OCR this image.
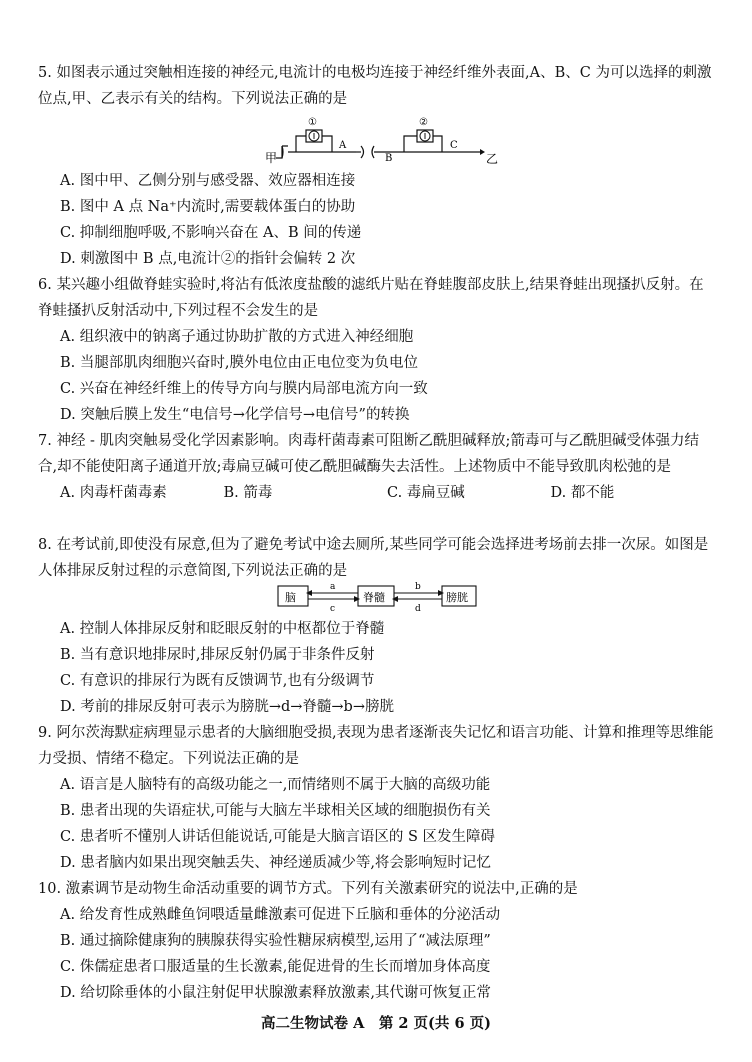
5. 如图表示通过突触相连接的神经元,电流计的电极均连接于神经纤维外表面,A、B、C 为可以选择的刺激位点,甲、乙表示有关的结构。下列说法正确的是
甲	乙
①
A
②
B
C
A. 图中甲、乙侧分别与感受器、效应器相连接
B. 图中 A 点 Na⁺内流时,需要载体蛋白的协助
C. 抑制细胞呼吸,不影响兴奋在 A、B 间的传递
D. 刺激图中 B 点,电流计②的指针会偏转 2 次
6. 某兴趣小组做脊蛙实验时,将沾有低浓度盐酸的滤纸片贴在脊蛙腹部皮肤上,结果脊蛙出现搔扒反射。在脊蛙搔扒反射活动中,下列过程不会发生的是
A. 组织液中的钠离子通过协助扩散的方式进入神经细胞
B. 当腿部肌肉细胞兴奋时,膜外电位由正电位变为负电位
C. 兴奋在神经纤维上的传导方向与膜内局部电流方向一致
D. 突触后膜上发生“电信号→化学信号→电信号”的转换
7. 神经 - 肌肉突触易受化学因素影响。肉毒杆菌毒素可阻断乙酰胆碱释放;箭毒可与乙酰胆碱受体强力结合,却不能使阳离子通道开放;毒扁豆碱可使乙酰胆碱酶失去活性。上述物质中不能导致肌肉松弛的是
A. 肉毒杆菌毒素	B. 箭毒	C. 毒扁豆碱	D. 都不能
8. 在考试前,即使没有尿意,但为了避免考试中途去厕所,某些同学可能会选择进考场前去排一次尿。如图是人体排尿反射过程的示意简图,下列说法正确的是
脑	脊髓	膀胱
a
c
b
d
A. 控制人体排尿反射和眨眼反射的中枢都位于脊髓
B. 当有意识地排尿时,排尿反射仍属于非条件反射
C. 有意识的排尿行为既有反馈调节,也有分级调节
D. 考前的排尿反射可表示为膀胱→d→脊髓→b→膀胱
9. 阿尔茨海默症病理显示患者的大脑细胞受损,表现为患者逐渐丧失记忆和语言功能、计算和推理等思维能力受损、情绪不稳定。下列说法正确的是
A. 语言是人脑特有的高级功能之一,而情绪则不属于大脑的高级功能
B. 患者出现的失语症状,可能与大脑左半球相关区域的细胞损伤有关
C. 患者听不懂别人讲话但能说话,可能是大脑言语区的 S 区发生障碍
D. 患者脑内如果出现突触丢失、神经递质减少等,将会影响短时记忆
10. 激素调节是动物生命活动重要的调节方式。下列有关激素研究的说法中,正确的是
A. 给发育性成熟雌鱼饲喂适量雌激素可促进下丘脑和垂体的分泌活动
B. 通过摘除健康狗的胰腺获得实验性糖尿病模型,运用了“减法原理”
C. 侏儒症患者口服适量的生长激素,能促进骨的生长而增加身体高度
D. 给切除垂体的小鼠注射促甲状腺激素释放激素,其代谢可恢复正常
高二生物试卷 A　第 2 页(共 6 页)
